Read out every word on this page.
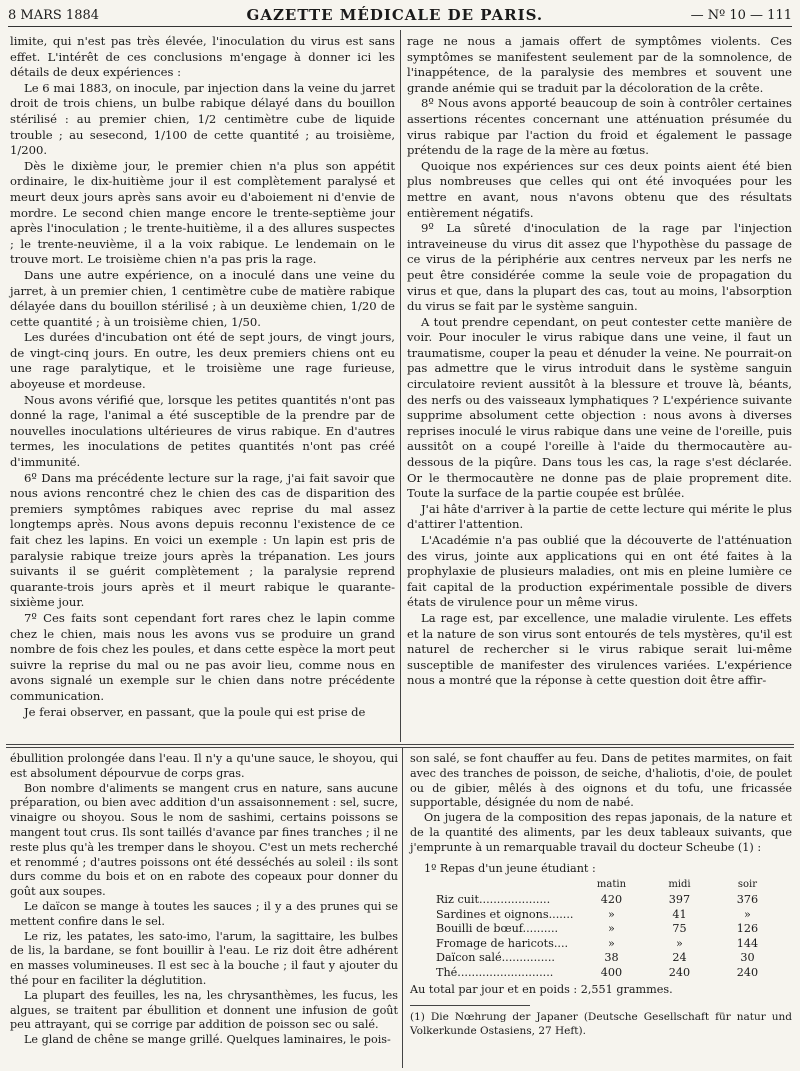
8 MARS 1884	GAZETTE MÉDICALE DE PARIS.	— Nº 10 — 111

limite, qui n'est pas très élevée, l'inoculation du virus est sans effet. L'intérêt de ces conclusions m'engage à donner ici les détails de deux expériences :

Le 6 mai 1883, on inocule, par injection dans la veine du jarret droit de trois chiens, un bulbe rabique délayé dans du bouillon stérilisé : au premier chien, 1/2 centimètre cube de liquide trouble ; au sesecond, 1/100 de cette quantité ; au troisième, 1/200.

Dès le dixième jour, le premier chien n'a plus son appétit ordinaire, le dix-huitième jour il est complètement paralysé et meurt deux jours après sans avoir eu d'aboiement ni d'envie de mordre. Le second chien mange encore le trente-septième jour après l'inoculation ; le trente-huitième, il a des allures suspectes ; le trente-neuvième, il a la voix rabique. Le lendemain on le trouve mort. Le troisième chien n'a pas pris la rage.

Dans une autre expérience, on a inoculé dans une veine du jarret, à un premier chien, 1 centimètre cube de matière rabique délayée dans du bouillon stérilisé ; à un deuxième chien, 1/20 de cette quantité ; à un troisième chien, 1/50.

Les durées d'incubation ont été de sept jours, de vingt jours, de vingt-cinq jours. En outre, les deux premiers chiens ont eu une rage paralytique, et le troisième une rage furieuse, aboyeuse et mordeuse.

Nous avons vérifié que, lorsque les petites quantités n'ont pas donné la rage, l'animal a été susceptible de la prendre par de nouvelles inoculations ultérieures de virus rabique. En d'autres termes, les inoculations de petites quantités n'ont pas créé d'immunité.

6º Dans ma précédente lecture sur la rage, j'ai fait savoir que nous avions rencontré chez le chien des cas de disparition des premiers symptômes rabiques avec reprise du mal assez longtemps après. Nous avons depuis reconnu l'existence de ce fait chez les lapins. En voici un exemple : Un lapin est pris de paralysie rabique treize jours après la trépanation. Les jours suivants il se guérit complètement ; la paralysie reprend quarante-trois jours après et il meurt rabique le quarante-sixième jour.

7º Ces faits sont cependant fort rares chez le lapin comme chez le chien, mais nous les avons vus se produire un grand nombre de fois chez les poules, et dans cette espèce la mort peut suivre la reprise du mal ou ne pas avoir lieu, comme nous en avons signalé un exemple sur le chien dans notre précédente communication.

Je ferai observer, en passant, que la poule qui est prise de

rage ne nous a jamais offert de symptômes violents. Ces symptômes se manifestent seulement par de la somnolence, de l'inappétence, de la paralysie des membres et souvent une grande anémie qui se traduit par la décoloration de la crête.

8º Nous avons apporté beaucoup de soin à contrôler certaines assertions récentes concernant une atténuation présumée du virus rabique par l'action du froid et également le passage prétendu de la rage de la mère au fœtus.

Quoique nos expériences sur ces deux points aient été bien plus nombreuses que celles qui ont été invoquées pour les mettre en avant, nous n'avons obtenu que des résultats entièrement négatifs.

9º La sûreté d'inoculation de la rage par l'injection intraveineuse du virus dit assez que l'hypothèse du passage de ce virus de la périphérie aux centres nerveux par les nerfs ne peut être considérée comme la seule voie de propagation du virus et que, dans la plupart des cas, tout au moins, l'absorption du virus se fait par le système sanguin.

A tout prendre cependant, on peut contester cette manière de voir. Pour inoculer le virus rabique dans une veine, il faut un traumatisme, couper la peau et dénuder la veine. Ne pourrait-on pas admettre que le virus introduit dans le système sanguin circulatoire revient aussitôt à la blessure et trouve là, béants, des nerfs ou des vaisseaux lymphatiques ? L'expérience suivante supprime absolument cette objection : nous avons à diverses reprises inoculé le virus rabique dans une veine de l'oreille, puis aussitôt on a coupé l'oreille à l'aide du thermocautère au-dessous de la piqûre. Dans tous les cas, la rage s'est déclarée. Or le thermocautère ne donne pas de plaie proprement dite. Toute la surface de la partie coupée est brûlée.

J'ai hâte d'arriver à la partie de cette lecture qui mérite le plus d'attirer l'attention.

L'Académie n'a pas oublié que la découverte de l'atténuation des virus, jointe aux applications qui en ont été faites à la prophylaxie de plusieurs maladies, ont mis en pleine lumière ce fait capital de la production expérimentale possible de divers états de virulence pour un même virus.

La rage est, par excellence, une maladie virulente. Les effets et la nature de son virus sont entourés de tels mystères, qu'il est naturel de rechercher si le virus rabique serait lui-même susceptible de manifester des virulences variées. L'expérience nous a montré que la réponse à cette question doit être affir-

ébullition prolongée dans l'eau. Il n'y a qu'une sauce, le shoyou, qui est absolument dépourvue de corps gras.

Bon nombre d'aliments se mangent crus en nature, sans aucune préparation, ou bien avec addition d'un assaisonnement : sel, sucre, vinaigre ou shoyou. Sous le nom de sashimi, certains poissons se mangent tout crus. Ils sont taillés d'avance par fines tranches ; il ne reste plus qu'à les tremper dans le shoyou. C'est un mets recherché et renommé ; d'autres poissons ont été desséchés au soleil : ils sont durs comme du bois et on en rabote des copeaux pour donner du goût aux soupes.

Le daïcon se mange à toutes les sauces ; il y a des prunes qui se mettent confire dans le sel.

Le riz, les patates, les sato-imo, l'arum, la sagittaire, les bulbes de lis, la bardane, se font bouillir à l'eau. Le riz doit être adhérent en masses volumineuses. Il est sec à la bouche ; il faut y ajouter du thé pour en faciliter la déglutition.

La plupart des feuilles, les na, les chrysanthèmes, les fucus, les algues, se traitent par ébullition et donnent une infusion de goût peu attrayant, qui se corrige par addition de poisson sec ou salé.

Le gland de chêne se mange grillé. Quelques laminaires, le pois-

son salé, se font chauffer au feu. Dans de petites marmites, on fait avec des tranches de poisson, de seiche, d'haliotis, d'oie, de poulet ou de gibier, mêlés à des oignons et du tofu, une fricassée supportable, désignée du nom de nabé.

On jugera de la composition des repas japonais, de la nature et de la quantité des aliments, par les deux tableaux suivants, que j'emprunte à un remarquable travail du docteur Scheube (1) :

1º Repas d'un jeune étudiant :

	matin	midi	soir
Riz cuit....................	420	397	376
Sardines et oignons.......	»	41	»
Bouilli de bœuf..........	»	75	126
Fromage de haricots....	»	»	144
Daïcon salé...............	38	24	30
Thé...........................	400	240	240

Au total par jour et en poids : 2,551 grammes.

(1) Die Nœhrung der Japaner (Deutsche Gesellschaft für natur und Volkerkunde Ostasiens, 27 Heft).
